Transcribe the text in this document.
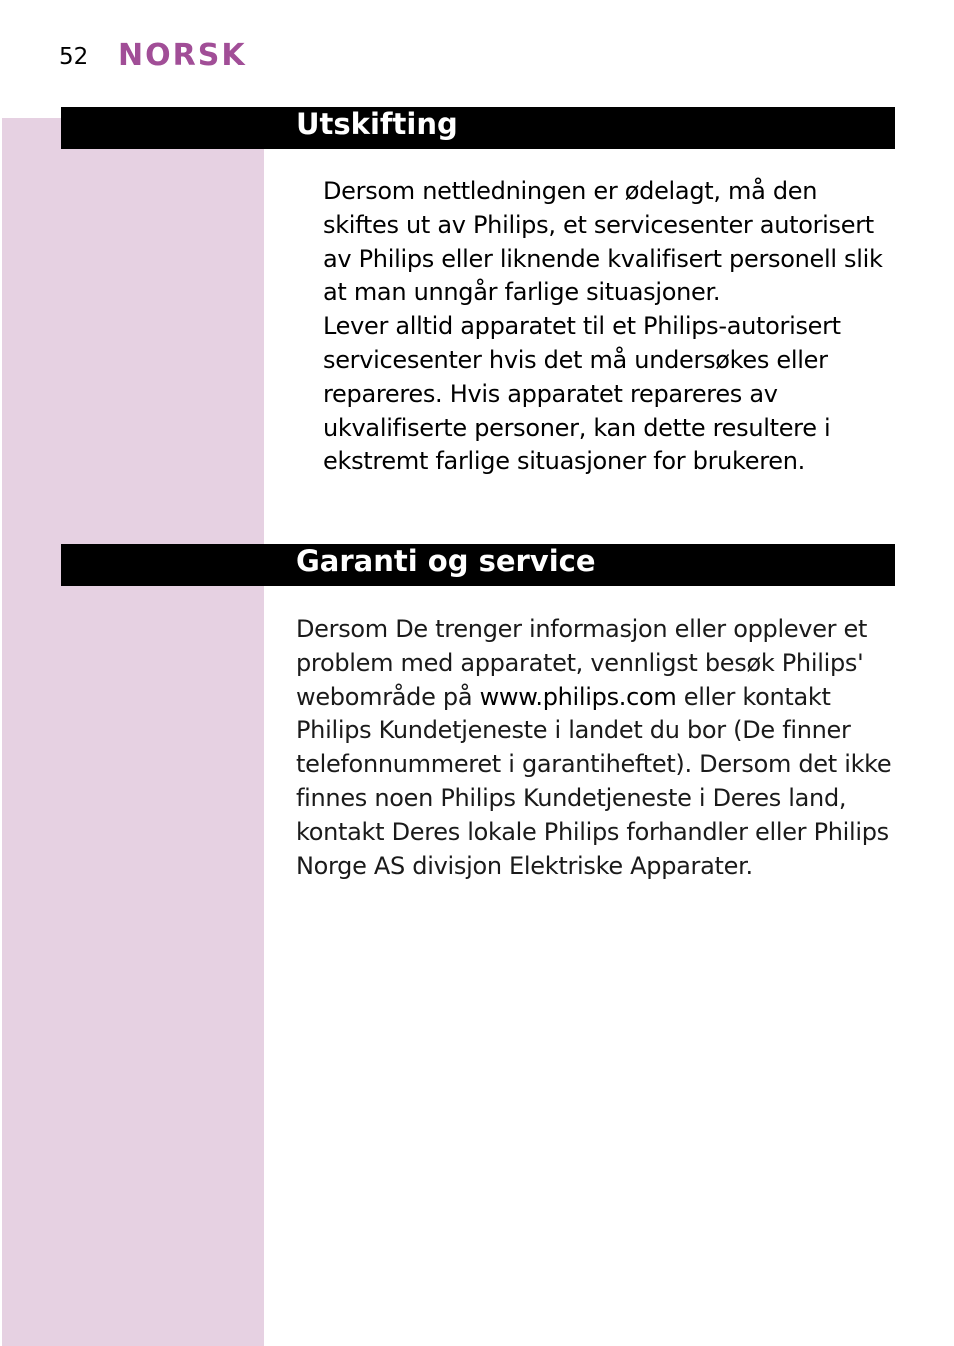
52 NORSK
Utskifting

Dersom nettledningen er ødelagt, må den skiftes ut av Philips, et servicesenter autorisert av Philips eller liknende kvalifisert personell slik at man unngår farlige situasjoner.

Lever alltid apparatet til et Philips-autorisert servicesenter hvis det må undersøkes eller repareres. Hvis apparatet repareres av ukvalifiserte personer, kan dette resultere i ekstremt farlige situasjoner for brukeren.

Garanti og service
Dersom De trenger informasjon eller opplever et problem med apparatet, vennligst besøk Philips' webområde på www.philips.com eller kontakt Philips Kundetjeneste i landet du bor (De finner telefonnummeret i garantiheftet). Dersom det ikke finnes noen Philips Kundetjeneste i Deres land, kontakt Deres lokale Philips forhandler eller Philips Norge AS divisjon Elektriske Apparater.
